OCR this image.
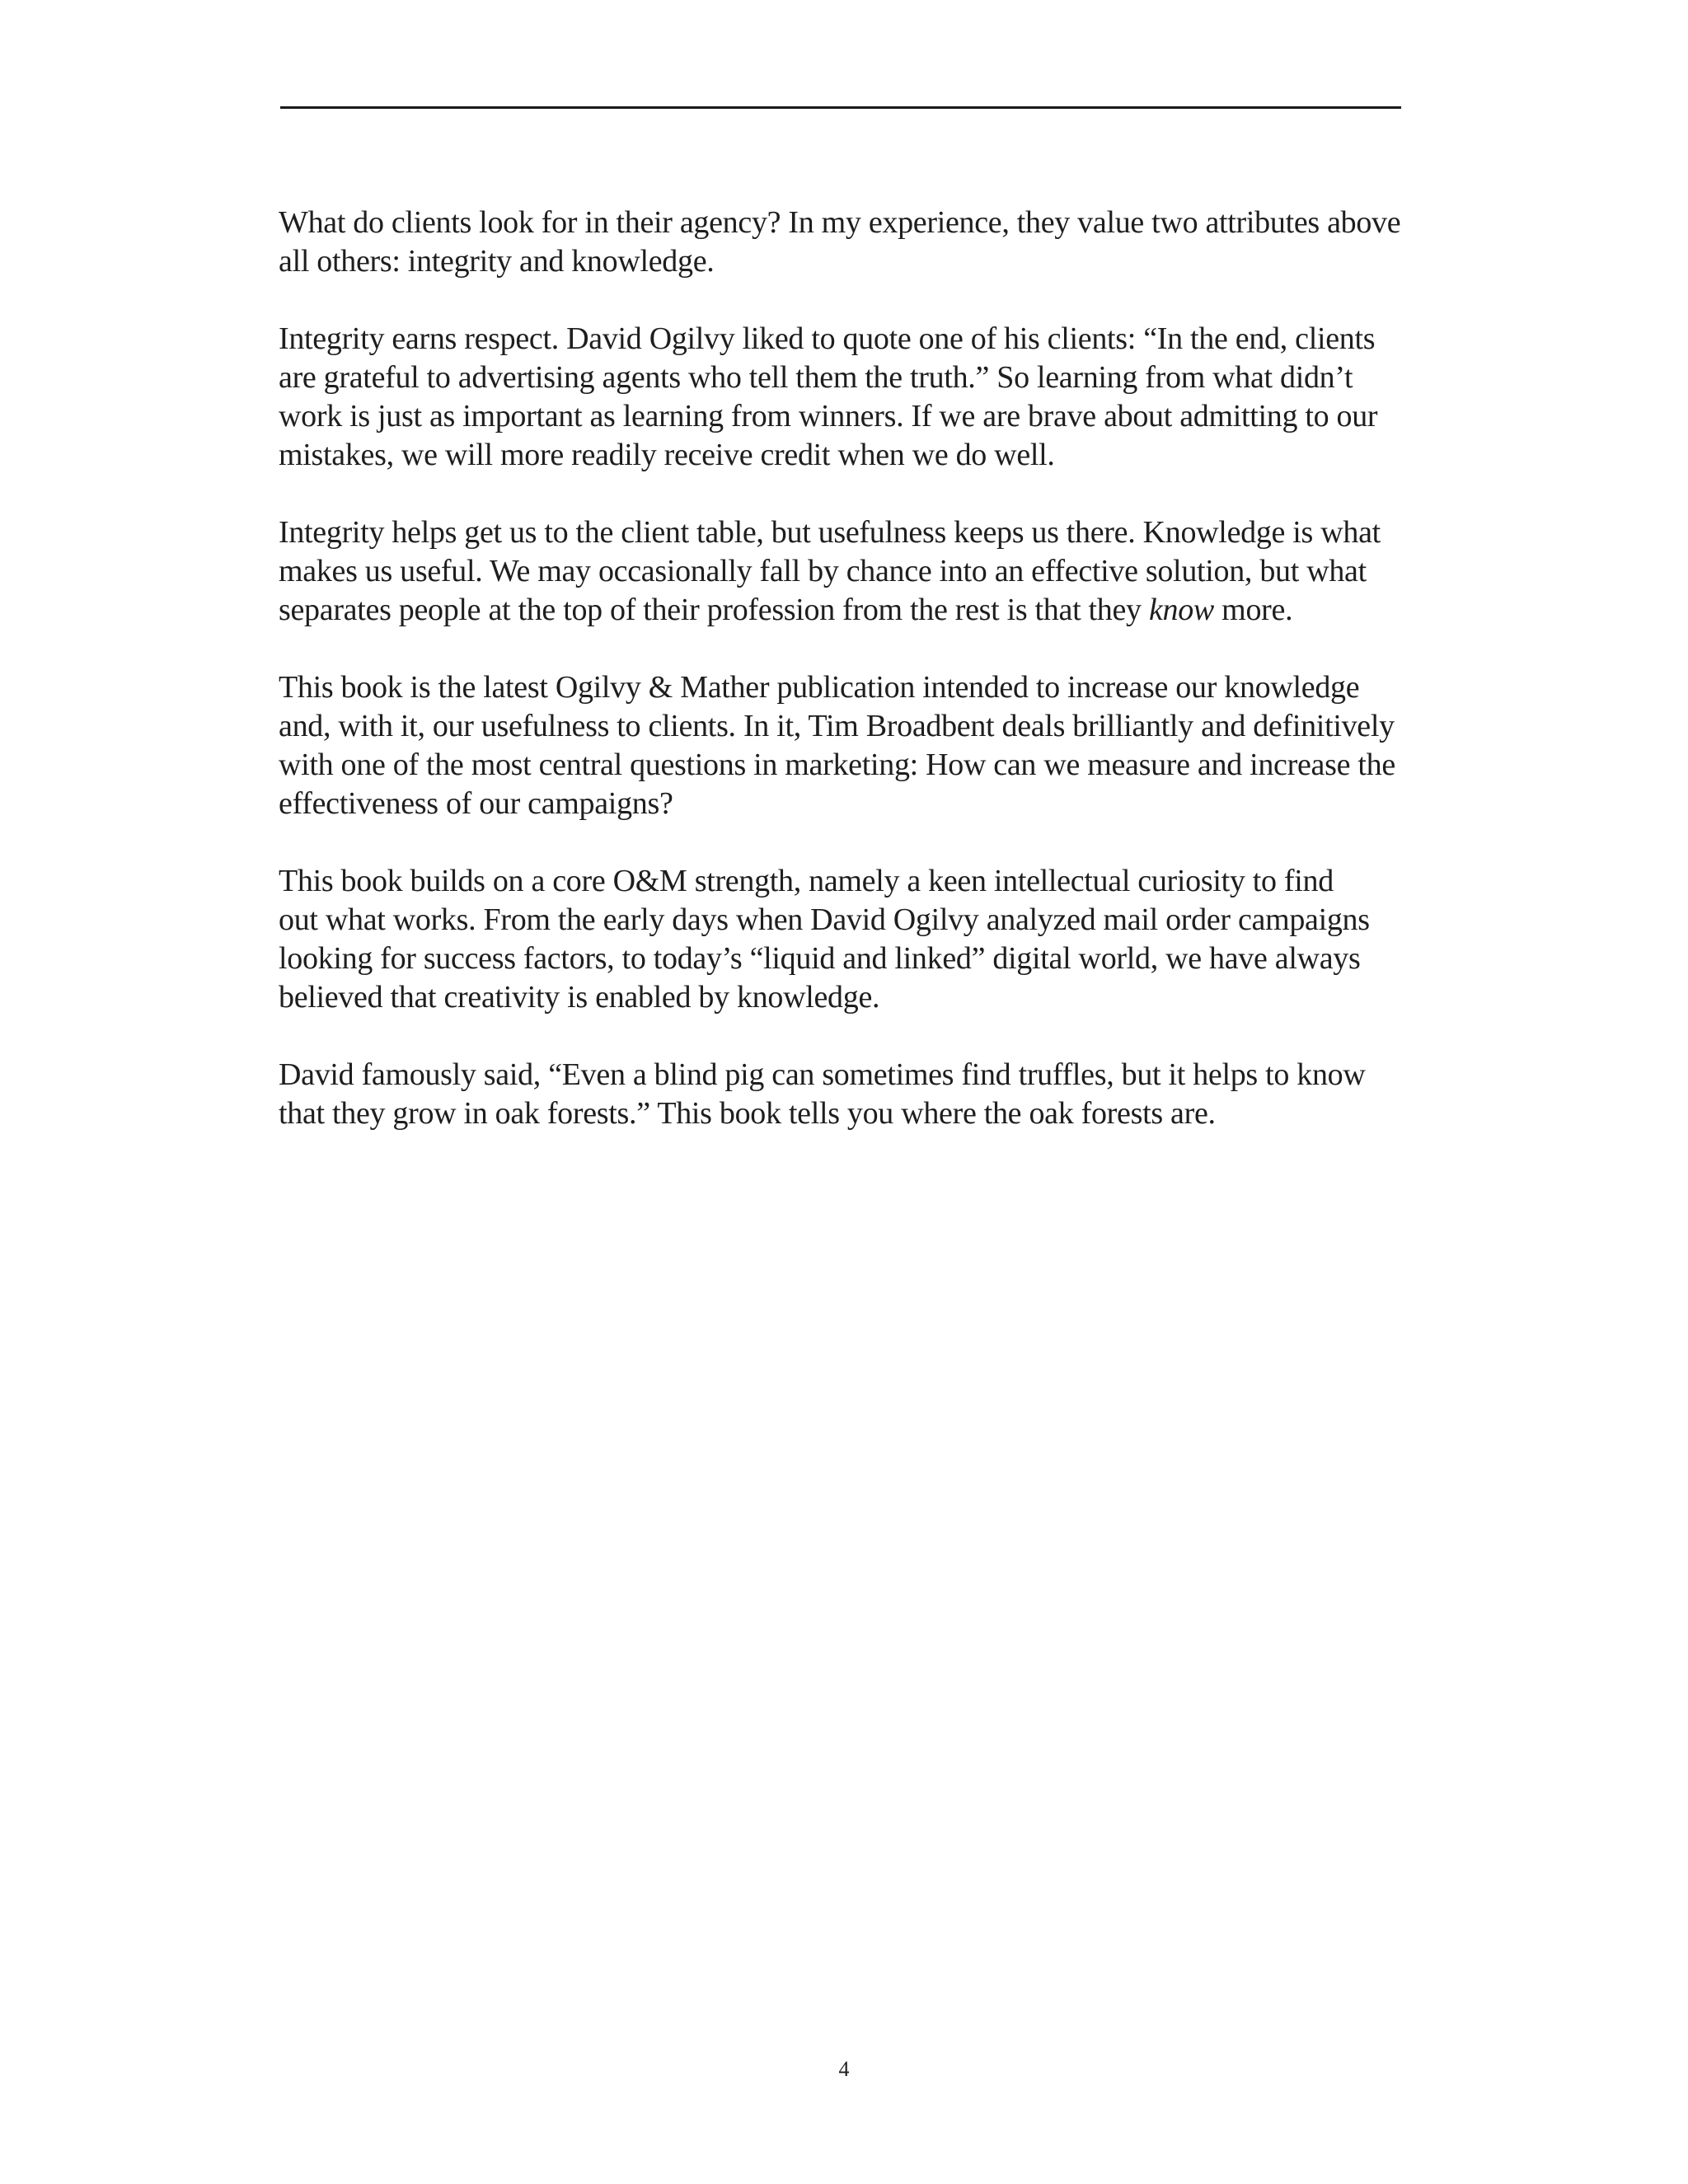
What do clients look for in their agency? In my experience, they value two attributes above
all others: integrity and knowledge.

Integrity earns respect. David Ogilvy liked to quote one of his clients: “In the end, clients
are grateful to advertising agents who tell them the truth.” So learning from what didn’t
work is just as important as learning from winners. If we are brave about admitting to our
mistakes, we will more readily receive credit when we do well.

Integrity helps get us to the client table, but usefulness keeps us there. Knowledge is what
makes us useful. We may occasionally fall by chance into an effective solution, but what
separates people at the top of their profession from the rest is that they know more.

This book is the latest Ogilvy & Mather publication intended to increase our knowledge
and, with it, our usefulness to clients. In it, Tim Broadbent deals brilliantly and definitively
with one of the most central questions in marketing: How can we measure and increase the
effectiveness of our campaigns?

This book builds on a core O&M strength, namely a keen intellectual curiosity to find
out what works. From the early days when David Ogilvy analyzed mail order campaigns
looking for success factors, to today’s “liquid and linked” digital world, we have always
believed that creativity is enabled by knowledge.

David famously said, “Even a blind pig can sometimes find truffles, but it helps to know
that they grow in oak forests.” This book tells you where the oak forests are.

4
